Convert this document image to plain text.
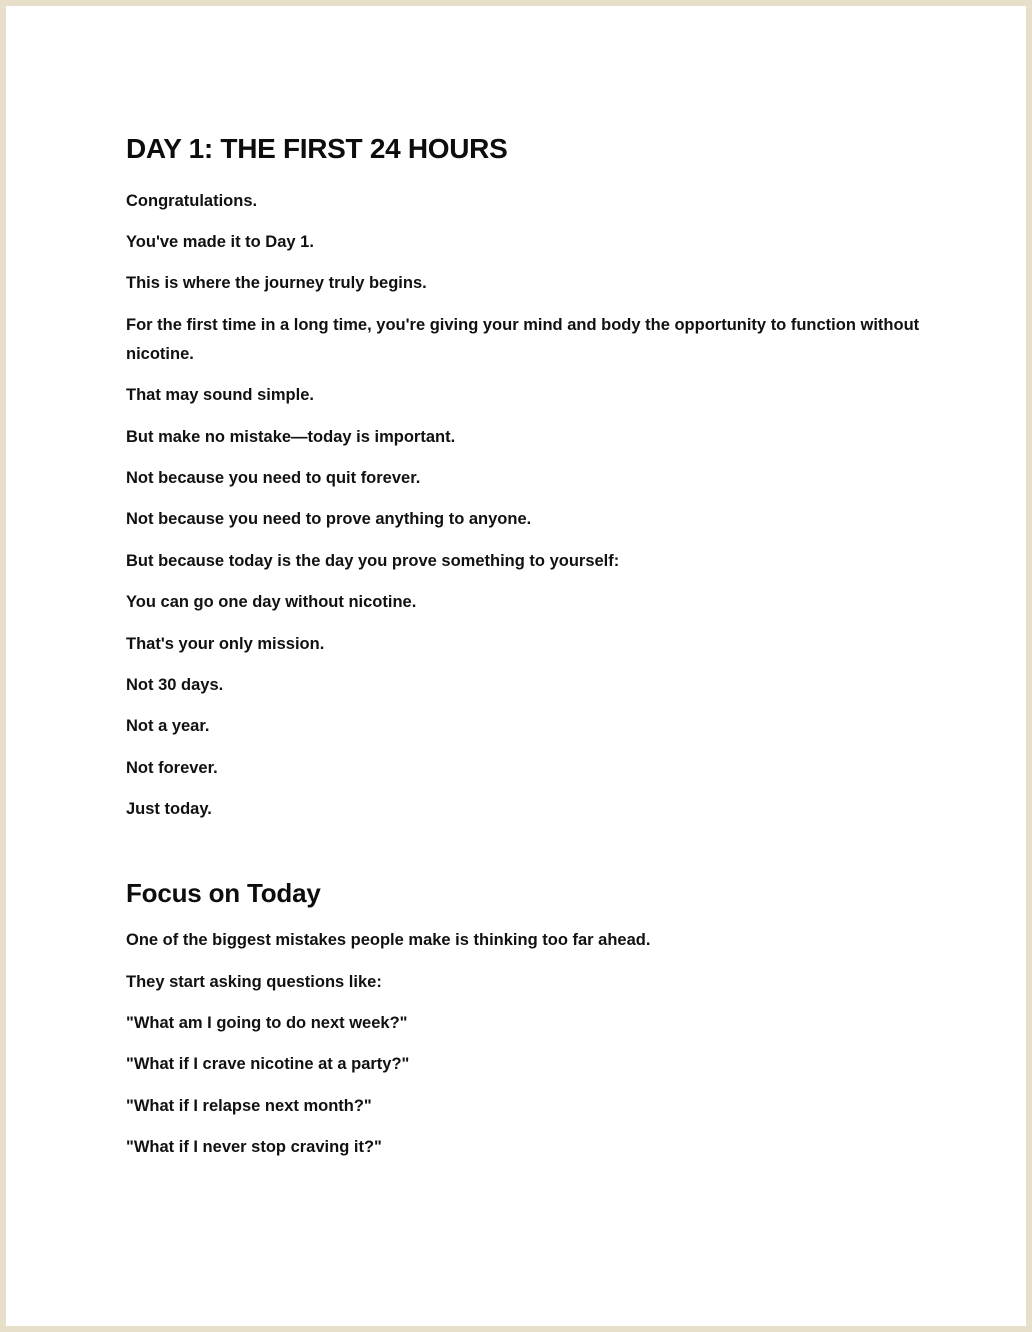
DAY 1: THE FIRST 24 HOURS

Congratulations.

You've made it to Day 1.

This is where the journey truly begins.

For the first time in a long time, you're giving your mind and body the opportunity to function without nicotine.

That may sound simple.

But make no mistake—today is important.

Not because you need to quit forever.

Not because you need to prove anything to anyone.

But because today is the day you prove something to yourself:

You can go one day without nicotine.

That's your only mission.

Not 30 days.

Not a year.

Not forever.

Just today.

Focus on Today

One of the biggest mistakes people make is thinking too far ahead.

They start asking questions like:

"What am I going to do next week?"

"What if I crave nicotine at a party?"

"What if I relapse next month?"

"What if I never stop craving it?"
